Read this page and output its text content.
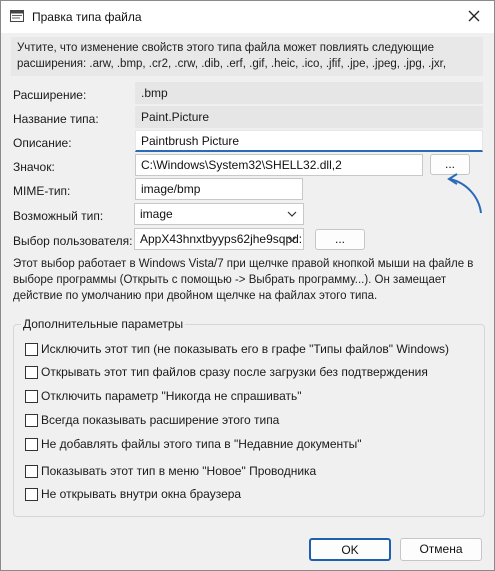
Правка типа файла

Учтите, что изменение свойств этого типа файла может повлиять следующие расширения: .arw, .bmp, .cr2, .crw, .dib, .erf, .gif, .heic, .ico, .jfif, .jpe, .jpeg, .jpg, .jxr,

Расширение:	.bmp
Название типа:	Paint.Picture
Описание:	Paintbrush Picture
Значок:	C:\Windows\System32\SHELL32.dll,2	...
MIME-тип:	image/bmp
Возможный тип:	image
Выбор пользователя: AppX43hnxtbyyps62jhe9sqpd:	...
Этот выбор работает в Windows Vista/7 при щелчке правой кнопкой мыши на файле в выборе программы (Открыть с помощью -> Выбрать программу...). Он замещает действие по умолчанию при двойном щелчке на файлах этого типа.
Дополнительные параметры
Исключить этот тип (не показывать его в графе "Типы файлов" Windows)
Открывать этот тип файлов сразу после загрузки без подтверждения
Отключить параметр "Никогда не спрашивать"
Всегда показывать расширение этого типа
Не добавлять файлы этого типа в "Недавние документы"
Показывать этот тип в меню "Новое" Проводника
Не открывать внутри окна браузера
OK	Отмена
